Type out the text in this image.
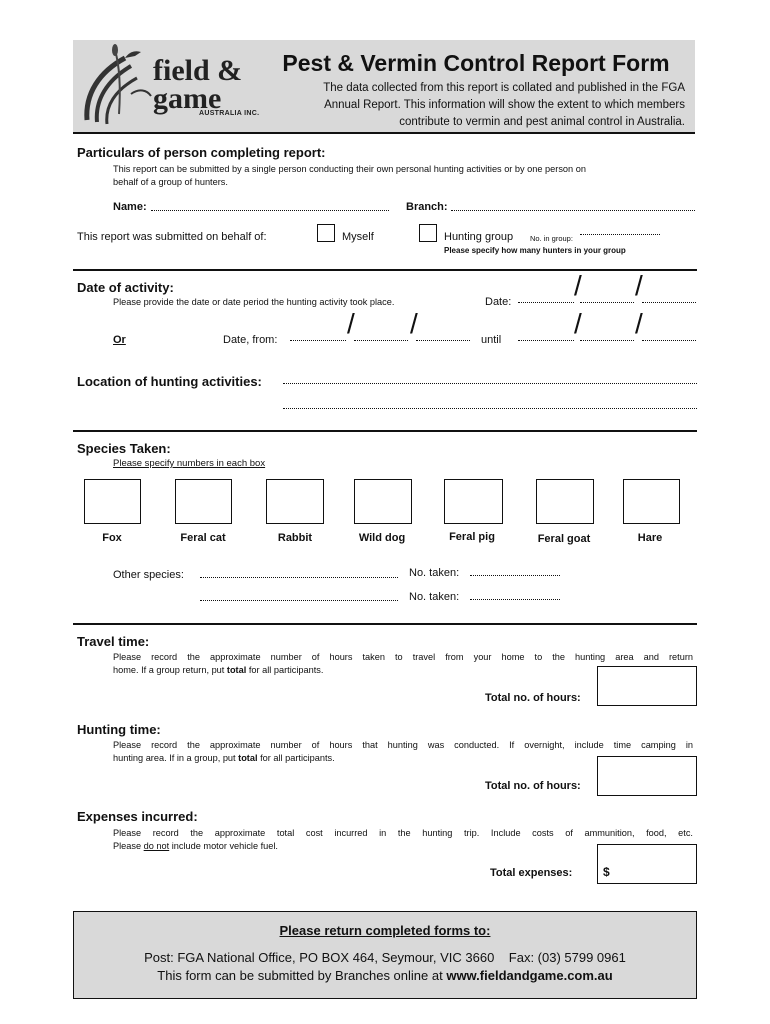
field &
game
AUSTRALIA INC.
Pest & Vermin Control Report Form
The data collected from this report is collated and published in the FGA
Annual Report. This information will show the extent to which members
contribute to vermin and pest animal control in Australia.
Particulars of person completing report:
This report can be submitted by a single person conducting their own personal hunting activities or by one person on
behalf of a group of hunters.
Name:	Branch:
This report was submitted on behalf of:	Myself	Hunting group No. in group:
Please specify how many hunters in your group
Date of activity:
Please provide the date or date period the hunting activity took place.	Date:
/ /
Or	Date, from:
/ /
until
/ /
Location of hunting activities:
Species Taken:
Please specify numbers in each box
Fox	Feral cat	Rabbit	Wild dog	Feral pig	Feral goat	Hare
Other species:	No. taken:
No. taken:
Travel time:
Please record the approximate number of hours taken to travel from your home to the hunting area and return
home. If a group return, put total for all participants.
Total no. of hours:
Hunting time:
Please record the approximate number of hours that hunting was conducted. If overnight, include time camping in
hunting area. If in a group, put total for all participants.
Total no. of hours:
Expenses incurred:
Please record the approximate total cost incurred in the hunting trip. Include costs of ammunition, food, etc.
Please do not include motor vehicle fuel.
Total expenses:	$
Please return completed forms to:
Post: FGA National Office, PO BOX 464, Seymour, VIC 3660    Fax: (03) 5799 0961
This form can be submitted by Branches online at www.fieldandgame.com.au
